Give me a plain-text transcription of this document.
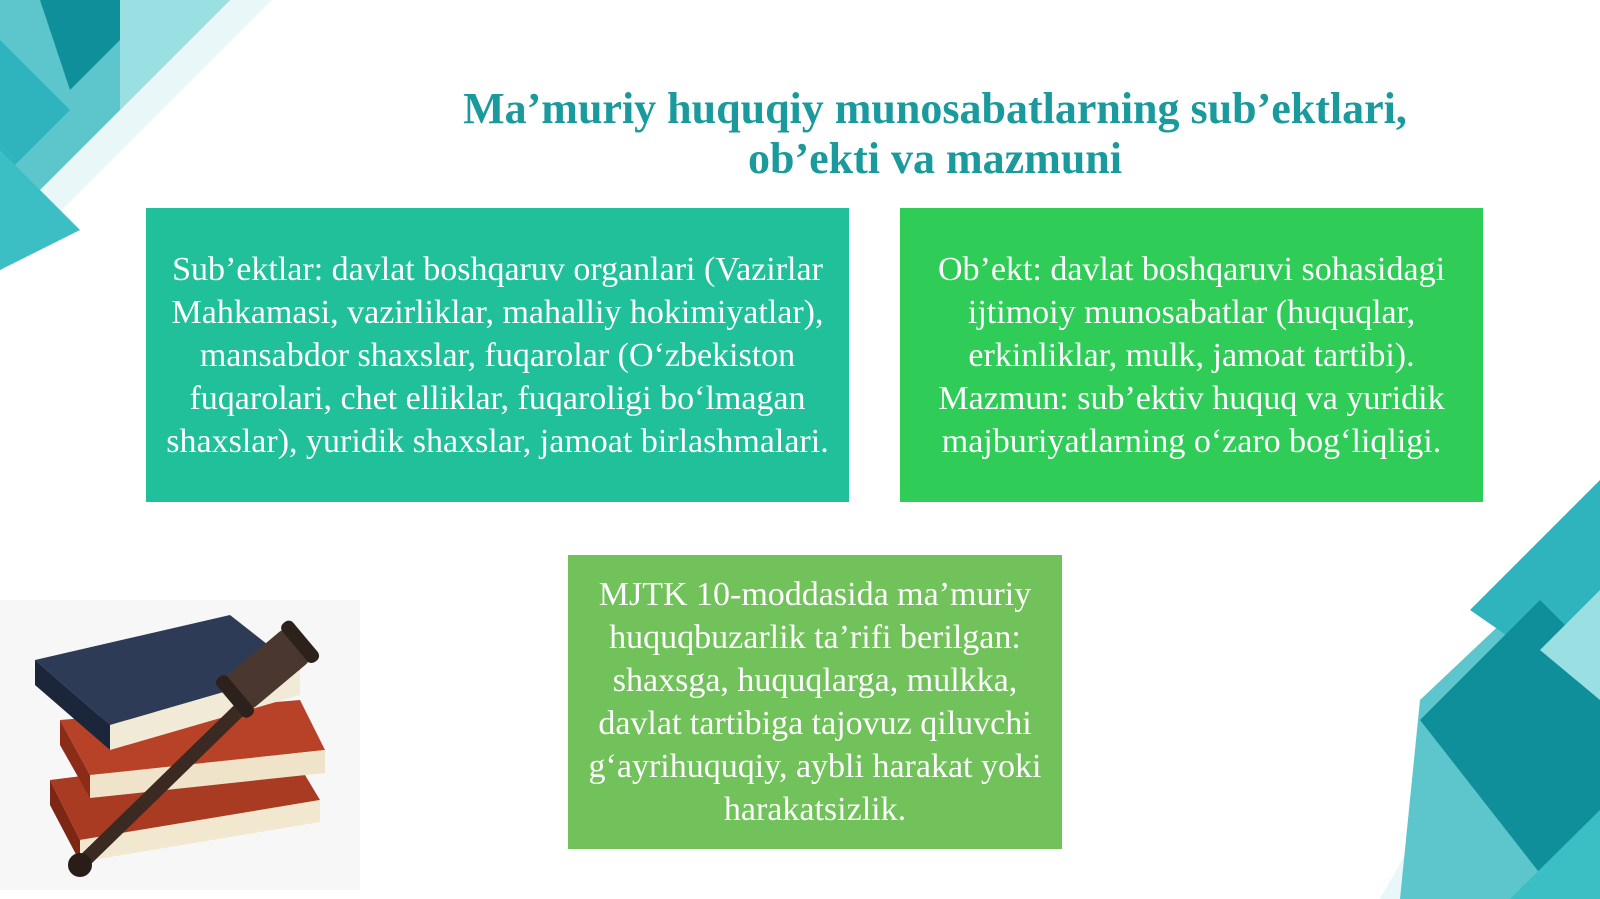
Ma’muriy huquqiy munosabatlarning sub’ektlari,
ob’ekti va mazmuni
Sub’ektlar: davlat boshqaruv organlari (Vazirlar Mahkamasi, vazirliklar, mahalliy hokimiyatlar), mansabdor shaxslar, fuqarolar (O‘zbekiston fuqarolari, chet elliklar, fuqaroligi bo‘lmagan shaxslar), yuridik shaxslar, jamoat birlashmalari.
Ob’ekt: davlat boshqaruvi sohasidagi ijtimoiy munosabatlar (huquqlar, erkinliklar, mulk, jamoat tartibi). Mazmun: sub’ektiv huquq va yuridik majburiyatlarning o‘zaro bog‘liqligi.
MJTK 10-moddasida ma’muriy huquqbuzarlik ta’rifi berilgan: shaxsga, huquqlarga, mulkka, davlat tartibiga tajovuz qiluvchi g‘ayrihuquqiy, aybli harakat yoki harakatsizlik.
